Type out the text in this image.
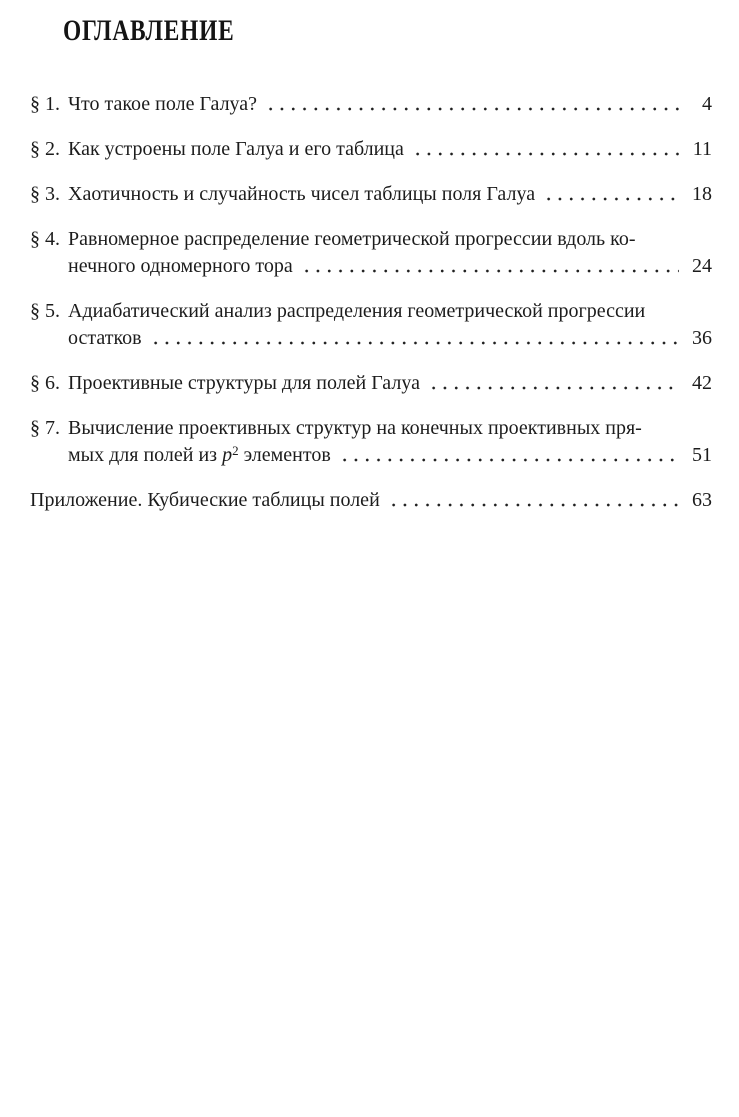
ОГЛАВЛЕНИЕ
§ 1. Что такое поле Галуа?	4
§ 2. Как устроены поле Галуа и его таблица	11
§ 3. Хаотичность и случайность чисел таблицы поля Галуа	18
§ 4. Равномерное распределение геометрической прогрессии вдоль ко-
нечного одномерного тора	24
§ 5. Адиабатический анализ распределения геометрической прогрессии
остатков	36
§ 6. Проективные структуры для полей Галуа	42
§ 7. Вычисление проективных структур на конечных проективных пря-
мых для полей из $p^2$ элементов	51
Приложение. Кубические таблицы полей	63
